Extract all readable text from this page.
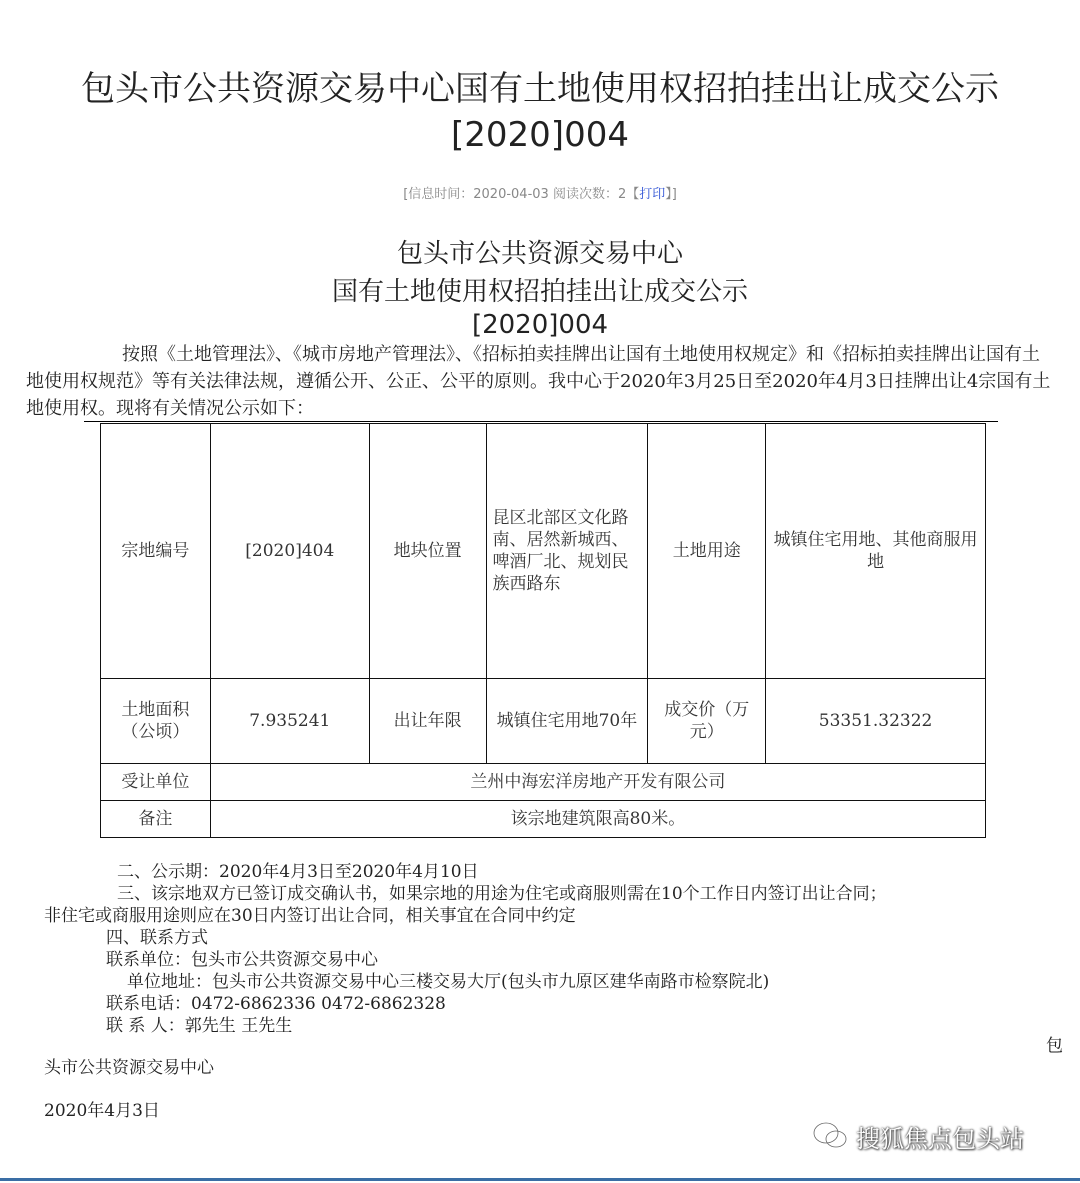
包头市公共资源交易中心国有土地使用权招拍挂出让成交公示
[2020]004
[信息时间：2020-04-03 阅读次数：2【打印】]
包头市公共资源交易中心
国有土地使用权招拍挂出让成交公示
[2020]004
按照《土地管理法》、《城市房地产管理法》、《招标拍卖挂牌出让国有土地使用权规定》和《招标拍卖挂牌出让国有土地使用权规范》等有关法律法规，遵循公开、公正、公平的原则。我中心于2020年3月25日至2020年4月3日挂牌出让4宗国有土地使用权。现将有关情况公示如下：
宗地编号	[2020]404	地块位置	昆区北部区文化路南、居然新城西、啤酒厂北、规划民族西路东	土地用途	城镇住宅用地、其他商服用地
土地面积（公顷）	7.935241	出让年限	城镇住宅用地70年	成交价（万元）	53351.32322
受让单位	兰州中海宏洋房地产开发有限公司				
备注	该宗地建筑限高80米。				
二、公示期：2020年4月3日至2020年4月10日
三、该宗地双方已签订成交确认书，如果宗地的用途为住宅或商服则需在10个工作日内签订出让合同；
非住宅或商服用途则应在30日内签订出让合同，相关事宜在合同中约定
四、联系方式
联系单位：包头市公共资源交易中心
单位地址：包头市公共资源交易中心三楼交易大厅(包头市九原区建华南路市检察院北)
联系电话：0472-6862336 0472-6862328
联 系 人：郭先生 王先生
包
头市公共资源交易中心
2020年4月3日
搜狐焦点包头站
